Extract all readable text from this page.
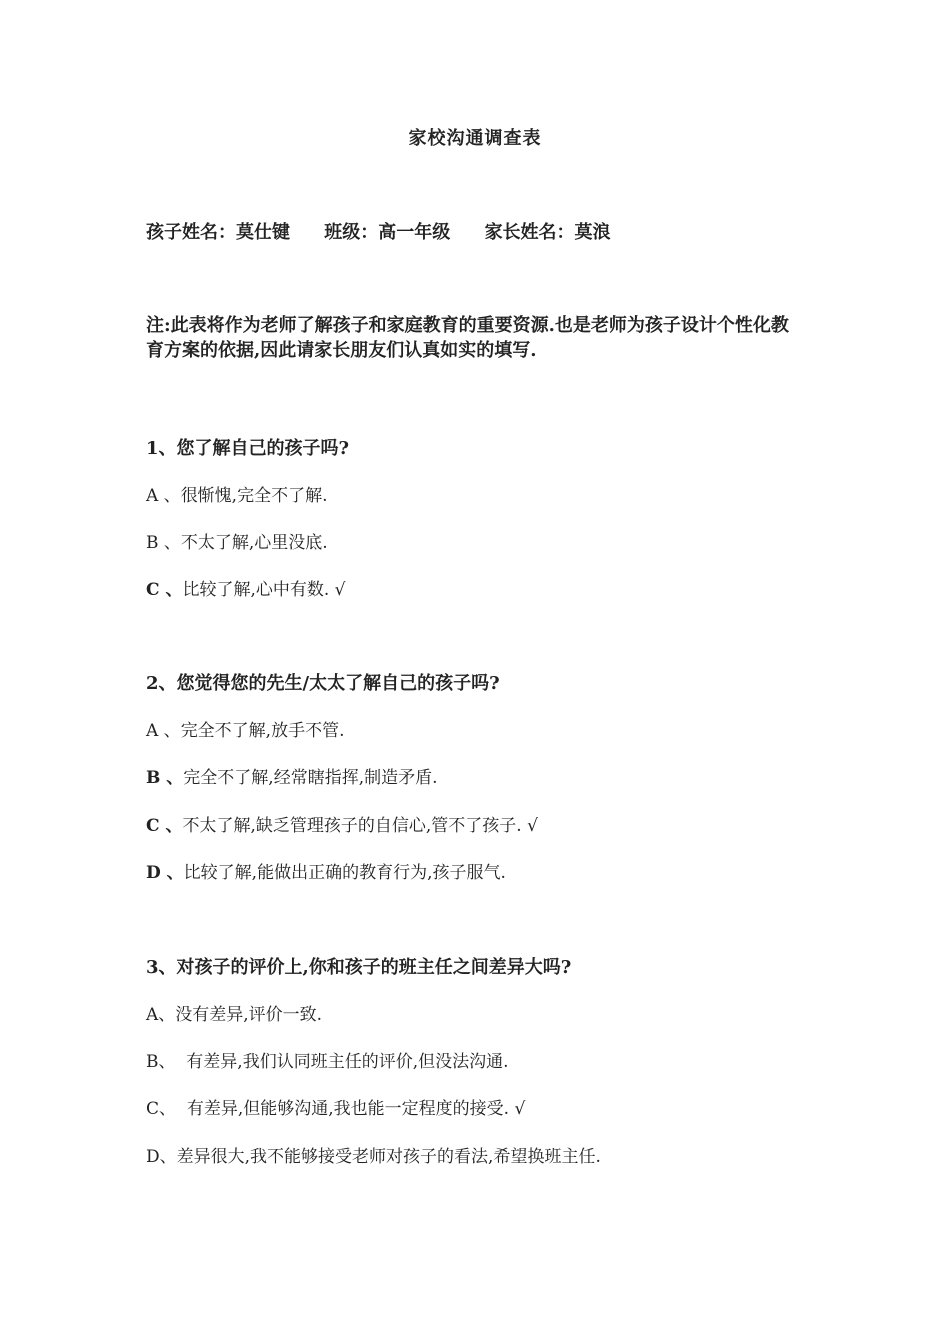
家校沟通调查表
孩子姓名：莫仕键 班级：高一年级 家长姓名：莫浪
注:此表将作为老师了解孩子和家庭教育的重要资源.也是老师为孩子设计个性化教育方案的依据,因此请家长朋友们认真如实的填写.
1、您了解自己的孩子吗?
A 、很惭愧,完全不了解.
B 、不太了解,心里没底.
C 、比较了解,心中有数. √
2、您觉得您的先生/太太了解自己的孩子吗?
A 、完全不了解,放手不管.
B 、完全不了解,经常瞎指挥,制造矛盾.
C 、不太了解,缺乏管理孩子的自信心,管不了孩子. √
D 、比较了解,能做出正确的教育行为,孩子服气.
3、对孩子的评价上,你和孩子的班主任之间差异大吗?
A、没有差异,评价一致.
B、  有差异,我们认同班主任的评价,但没法沟通.
C、  有差异,但能够沟通,我也能一定程度的接受. √
D、差异很大,我不能够接受老师对孩子的看法,希望换班主任.
